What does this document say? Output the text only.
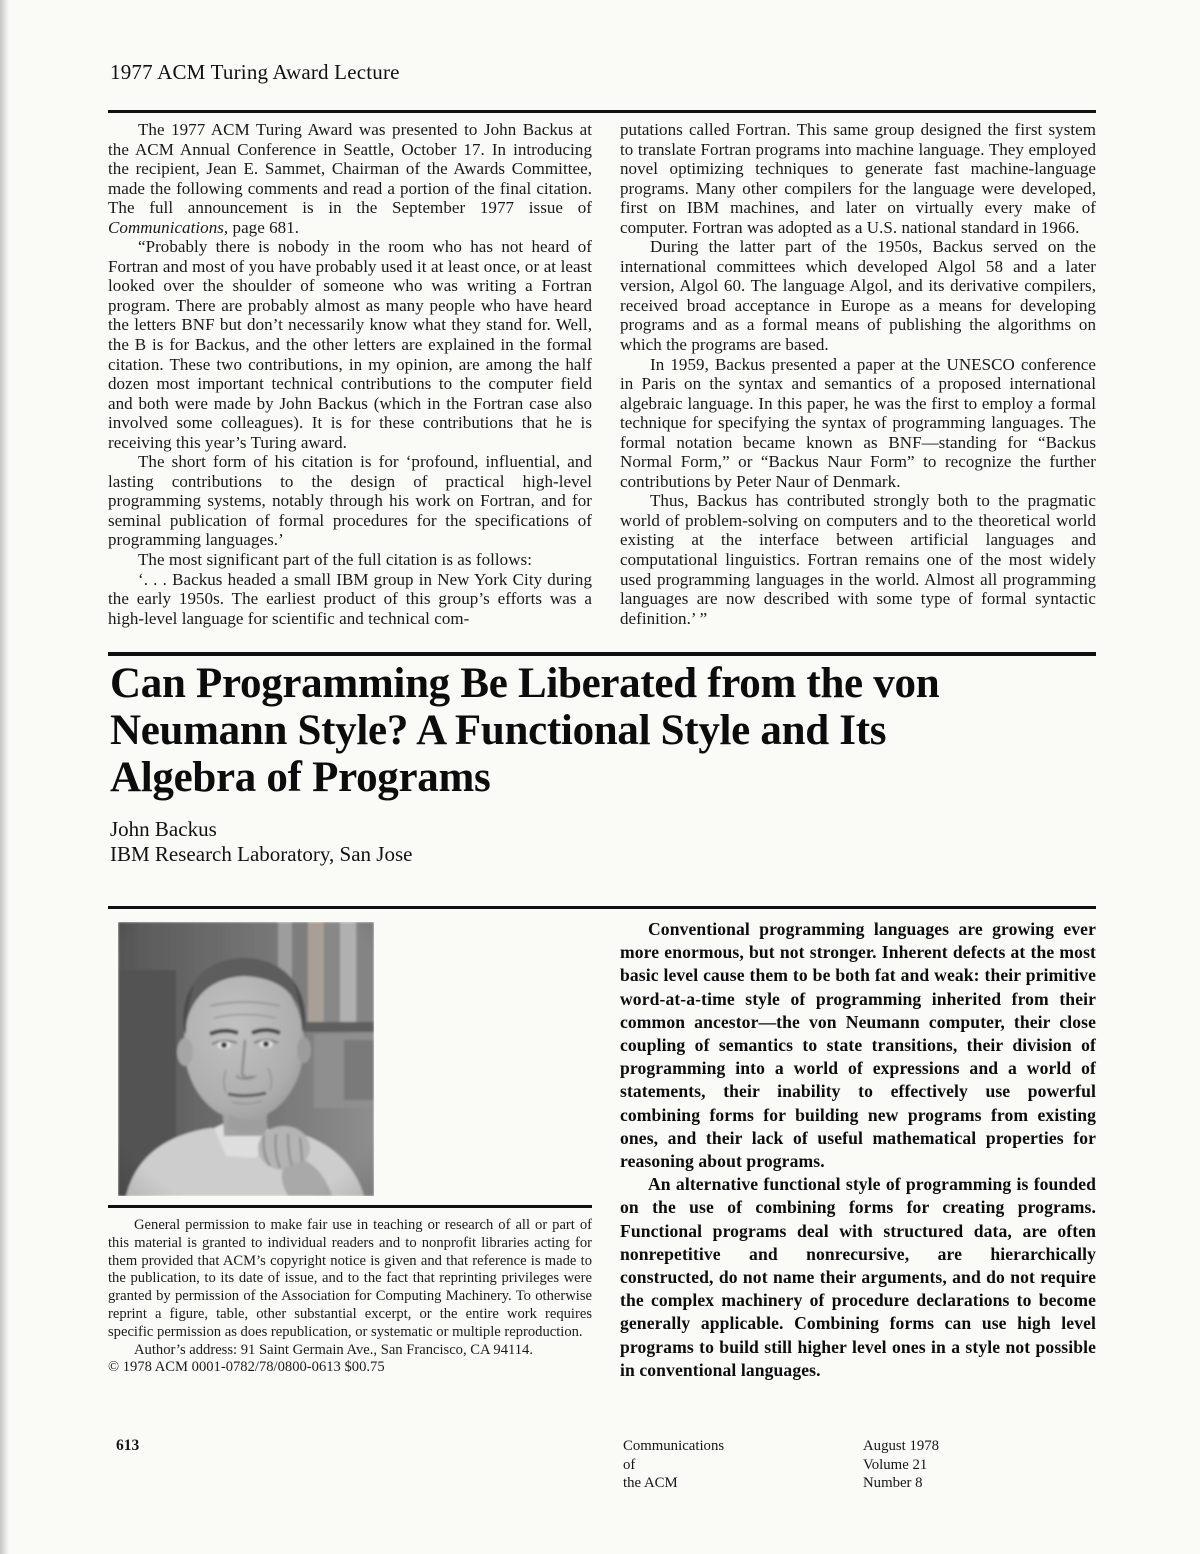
1977 ACM Turing Award Lecture

The 1977 ACM Turing Award was presented to John Backus at the ACM Annual Conference in Seattle, October 17. In introducing the recipient, Jean E. Sammet, Chairman of the Awards Committee, made the following comments and read a portion of the final citation. The full announcement is in the September 1977 issue of Communications, page 681.

“Probably there is nobody in the room who has not heard of Fortran and most of you have probably used it at least once, or at least looked over the shoulder of someone who was writing a Fortran program. There are probably almost as many people who have heard the letters BNF but don’t necessarily know what they stand for. Well, the B is for Backus, and the other letters are explained in the formal citation. These two contributions, in my opinion, are among the half dozen most important technical contributions to the computer field and both were made by John Backus (which in the Fortran case also involved some colleagues). It is for these contributions that he is receiving this year’s Turing award.

The short form of his citation is for ‘profound, influential, and lasting contributions to the design of practical high-level programming systems, notably through his work on Fortran, and for seminal publication of formal procedures for the specifications of programming languages.’

The most significant part of the full citation is as follows:

‘. . . Backus headed a small IBM group in New York City during the early 1950s. The earliest product of this group’s efforts was a high-level language for scientific and technical com-

putations called Fortran. This same group designed the first system to translate Fortran programs into machine language. They employed novel optimizing techniques to generate fast machine-language programs. Many other compilers for the language were developed, first on IBM machines, and later on virtually every make of computer. Fortran was adopted as a U.S. national standard in 1966.

During the latter part of the 1950s, Backus served on the international committees which developed Algol 58 and a later version, Algol 60. The language Algol, and its derivative compilers, received broad acceptance in Europe as a means for developing programs and as a formal means of publishing the algorithms on which the programs are based.

In 1959, Backus presented a paper at the UNESCO conference in Paris on the syntax and semantics of a proposed international algebraic language. In this paper, he was the first to employ a formal technique for specifying the syntax of programming languages. The formal notation became known as BNF—standing for “Backus Normal Form,” or “Backus Naur Form” to recognize the further contributions by Peter Naur of Denmark.

Thus, Backus has contributed strongly both to the pragmatic world of problem-solving on computers and to the theoretical world existing at the interface between artificial languages and computational linguistics. Fortran remains one of the most widely used programming languages in the world. Almost all programming languages are now described with some type of formal syntactic definition.’ ”

Can Programming Be Liberated from the von
Neumann Style? A Functional Style and Its
Algebra of Programs
John Backus
IBM Research Laboratory, San Jose

General permission to make fair use in teaching or research of all or part of this material is granted to individual readers and to nonprofit libraries acting for them provided that ACM’s copyright notice is given and that reference is made to the publication, to its date of issue, and to the fact that reprinting privileges were granted by permission of the Association for Computing Machinery. To otherwise reprint a figure, table, other substantial excerpt, or the entire work requires specific permission as does republication, or systematic or multiple reproduction.

Author’s address: 91 Saint Germain Ave., San Francisco, CA 94114.

© 1978 ACM 0001-0782/78/0800-0613 $00.75

Conventional programming languages are growing ever more enormous, but not stronger. Inherent defects at the most basic level cause them to be both fat and weak: their primitive word-at-a-time style of programming inherited from their common ancestor—the von Neumann computer, their close coupling of semantics to state transitions, their division of programming into a world of expressions and a world of statements, their inability to effectively use powerful combining forms for building new programs from existing ones, and their lack of useful mathematical properties for reasoning about programs.

An alternative functional style of programming is founded on the use of combining forms for creating programs. Functional programs deal with structured data, are often nonrepetitive and nonrecursive, are hierarchically constructed, do not name their arguments, and do not require the complex machinery of procedure declarations to become generally applicable. Combining forms can use high level programs to build still higher level ones in a style not possible in conventional languages.

613	Communications
of
the ACM
August 1978
Volume 21
Number 8
